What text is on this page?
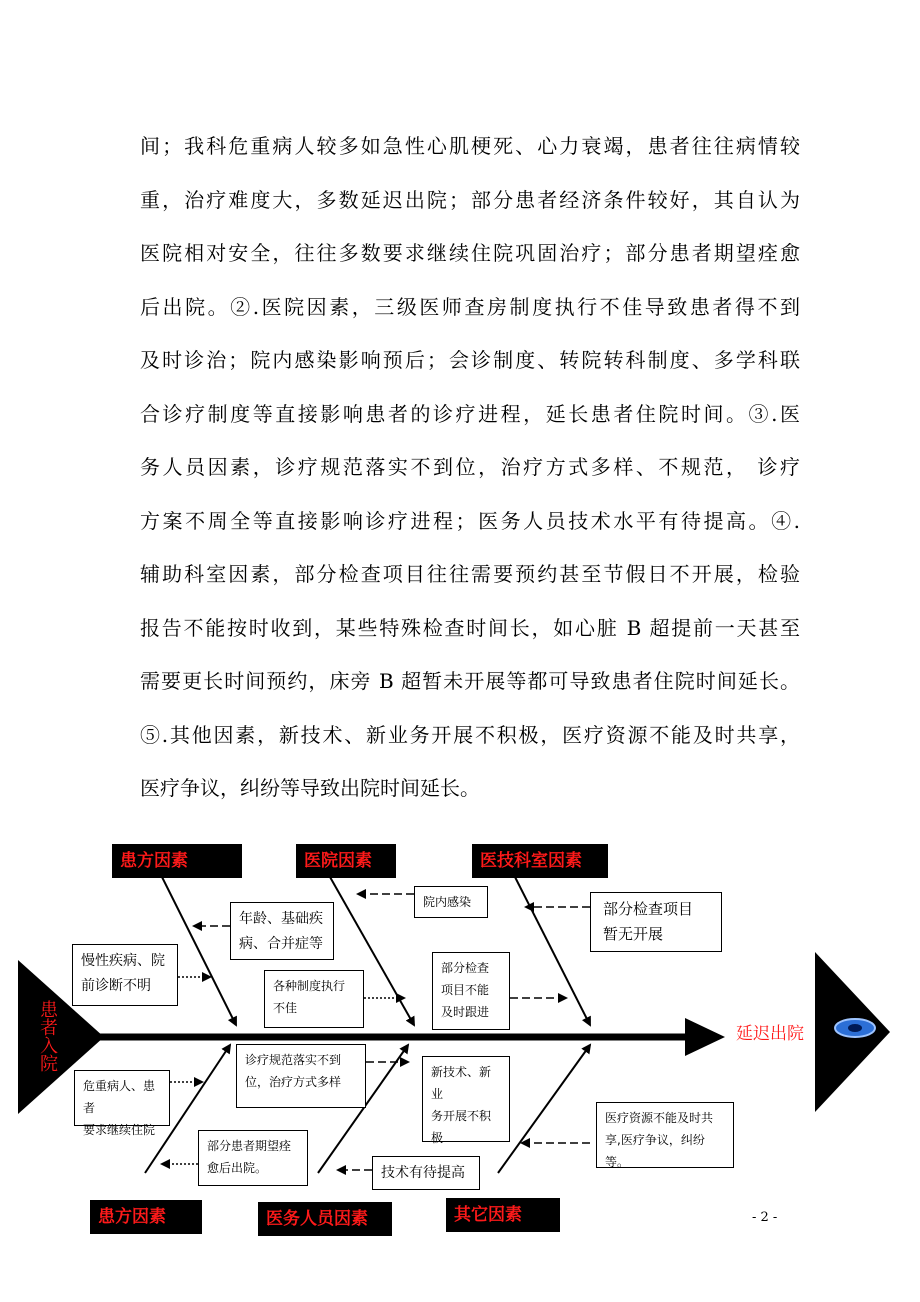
间；我科危重病人较多如急性心肌梗死、心力衰竭，患者往往病情较
重，治疗难度大，多数延迟出院；部分患者经济条件较好，其自认为
医院相对安全，往往多数要求继续住院巩固治疗；部分患者期望痊愈
后出院。②.医院因素，三级医师查房制度执行不佳导致患者得不到
及时诊治；院内感染影响预后；会诊制度、转院转科制度、多学科联
合诊疗制度等直接影响患者的诊疗进程，延长患者住院时间。③.医
务人员因素，诊疗规范落实不到位，治疗方式多样、不规范， 诊疗
方案不周全等直接影响诊疗进程；医务人员技术水平有待提高。④.
辅助科室因素，部分检查项目往往需要预约甚至节假日不开展，检验
报告不能按时收到，某些特殊检查时间长，如心脏 B 超提前一天甚至
需要更长时间预约，床旁 B 超暂未开展等都可导致患者住院时间延长。
⑤.其他因素，新技术、新业务开展不积极，医疗资源不能及时共享，
医疗争议，纠纷等导致出院时间延长。
患者入院	延迟出院
患方因素	医院因素	医技科室因素
患方因素	医务人员因素	其它因素
年龄、基础疾
病、合并症等
慢性疾病、院
前诊断不明
院内感染
各种制度执行
不佳
部分检查
项目不能
及时跟进
部分检查项目
暂无开展
危重病人、患者
要求继续住院
部分患者期望痊
愈后出院。
诊疗规范落实不到
位，治疗方式多样
技术有待提高
新技术、新业
务开展不积
极
医疗资源不能及时共
享,医疗争议，纠纷等。
- 2 -
